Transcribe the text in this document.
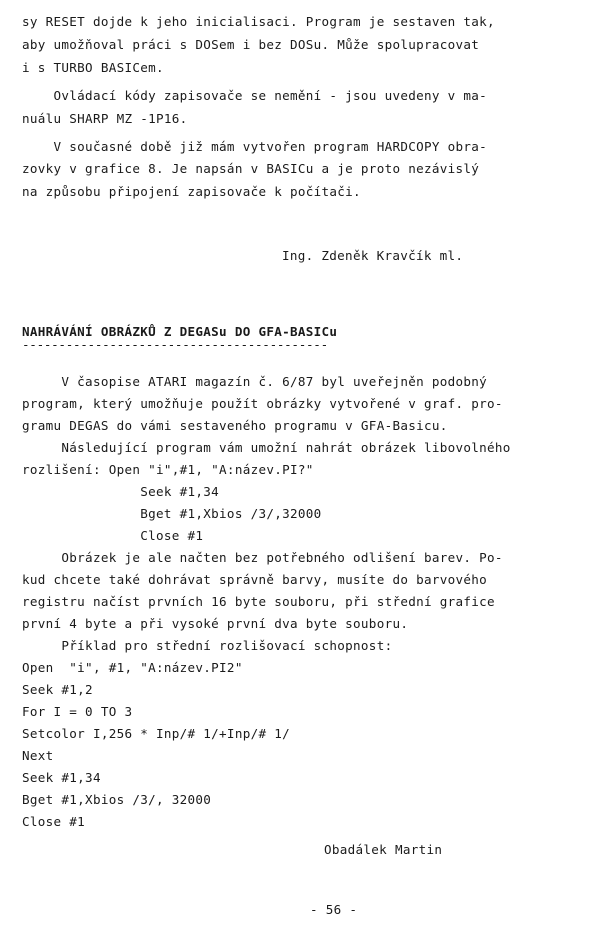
sy RESET dojde k jeho inicialisaci. Program je sestaven tak,
aby umožňoval práci s DOSem i bez DOSu. Může spolupracovat
i s TURBO BASICem.
Ovládací kódy zapisovače se nemění - jsou uvedeny v ma-
nuálu SHARP MZ -1P16.
V současné době již mám vytvořen program HARDCOPY obra-
zovky v grafice 8. Je napsán v BASICu a je proto nezávislý
na způsobu připojení zapisovače k počítači.
Ing. Zdeněk Kravčík ml.
NAHRÁVÁNÍ OBRÁZKŮ Z DEGASu DO GFA-BASICu
------------------------------------------
V časopise ATARI magazín č. 6/87 byl uveřejněn podobný
program, který umožňuje použít obrázky vytvořené v graf. pro-
gramu DEGAS do vámi sestaveného programu v GFA-Basicu.
Následující program vám umožní nahrát obrázek libovolného
rozlišení: Open "i",#1, "A:název.PI?"
Seek #1,34
Bget #1,Xbios /3/,32000
Close #1
Obrázek je ale načten bez potřebného odlišení barev. Po-
kud chcete také dohrávat správně barvy, musíte do barvového
registru načíst prvních 16 byte souboru, při střední grafice
první 4 byte a při vysoké první dva byte souboru.
Příklad pro střední rozlišovací schopnost:
Open  "i", #1, "A:název.PI2"
Seek #1,2
For I = 0 TO 3
Setcolor I,256 * Inp/# 1/+Inp/# 1/
Next
Seek #1,34
Bget #1,Xbios /3/, 32000
Close #1
Obadálek Martin
- 56 -
